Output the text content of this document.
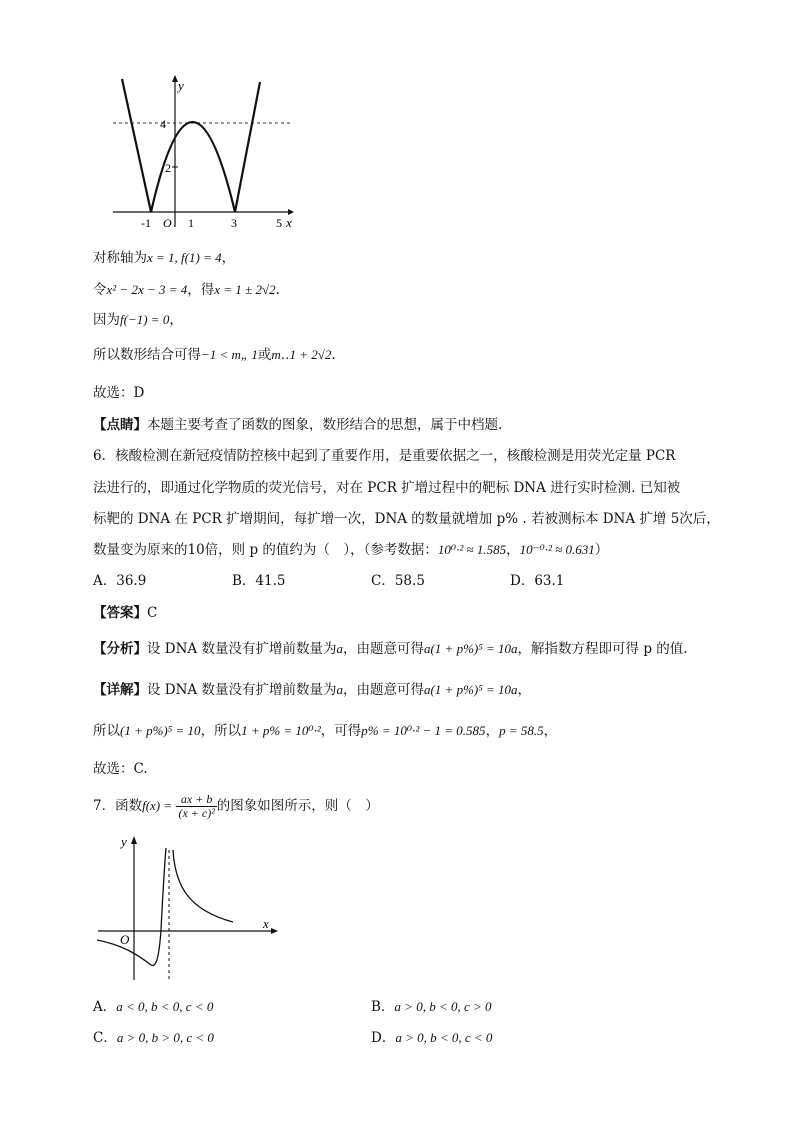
y
x
4
2
-1 O 1	3	5
对称轴为x = 1, f(1) = 4，
令x² − 2x − 3 = 4，得x = 1 ± 2√2.
因为f(−1) = 0，
所以数形结合可得−1 < m„ 1或m‥1 + 2√2.
故选：D
【点睛】本题主要考查了函数的图象，数形结合的思想，属于中档题.
6．核酸检测在新冠疫情防控核中起到了重要作用，是重要依据之一，核酸检测是用荧光定量 PCR
法进行的，即通过化学物质的荧光信号，对在 PCR 扩增过程中的靶标 DNA 进行实时检测. 已知被
标靶的 DNA 在 PCR 扩增期间，每扩增一次，DNA 的数量就增加 p% . 若被测标本 DNA 扩增 5次后，
数量变为原来的10倍，则 p 的值约为（　），（参考数据：10⁰·² ≈ 1.585，10⁻⁰·² ≈ 0.631）
A．36.9	B．41.5	C．58.5	D．63.1
【答案】C
【分析】设 DNA 数量没有扩增前数量为a，由题意可得a(1 + p%)⁵ = 10a，解指数方程即可得 p 的值.
【详解】设 DNA 数量没有扩增前数量为a，由题意可得a(1 + p%)⁵ = 10a，
所以(1 + p%)⁵ = 10，所以1 + p% = 10⁰·²，可得p% = 10⁰·² − 1 = 0.585，p = 58.5，
故选：C.
7．函数$f(x) = \frac{ax + b}{\text{(x + c)²}}$ 的图象如图所示，则（　）
y
x
O
A．a < 0, b < 0, c < 0	B．a > 0, b < 0, c > 0
C．a > 0, b > 0, c < 0	D．a > 0, b < 0, c < 0
